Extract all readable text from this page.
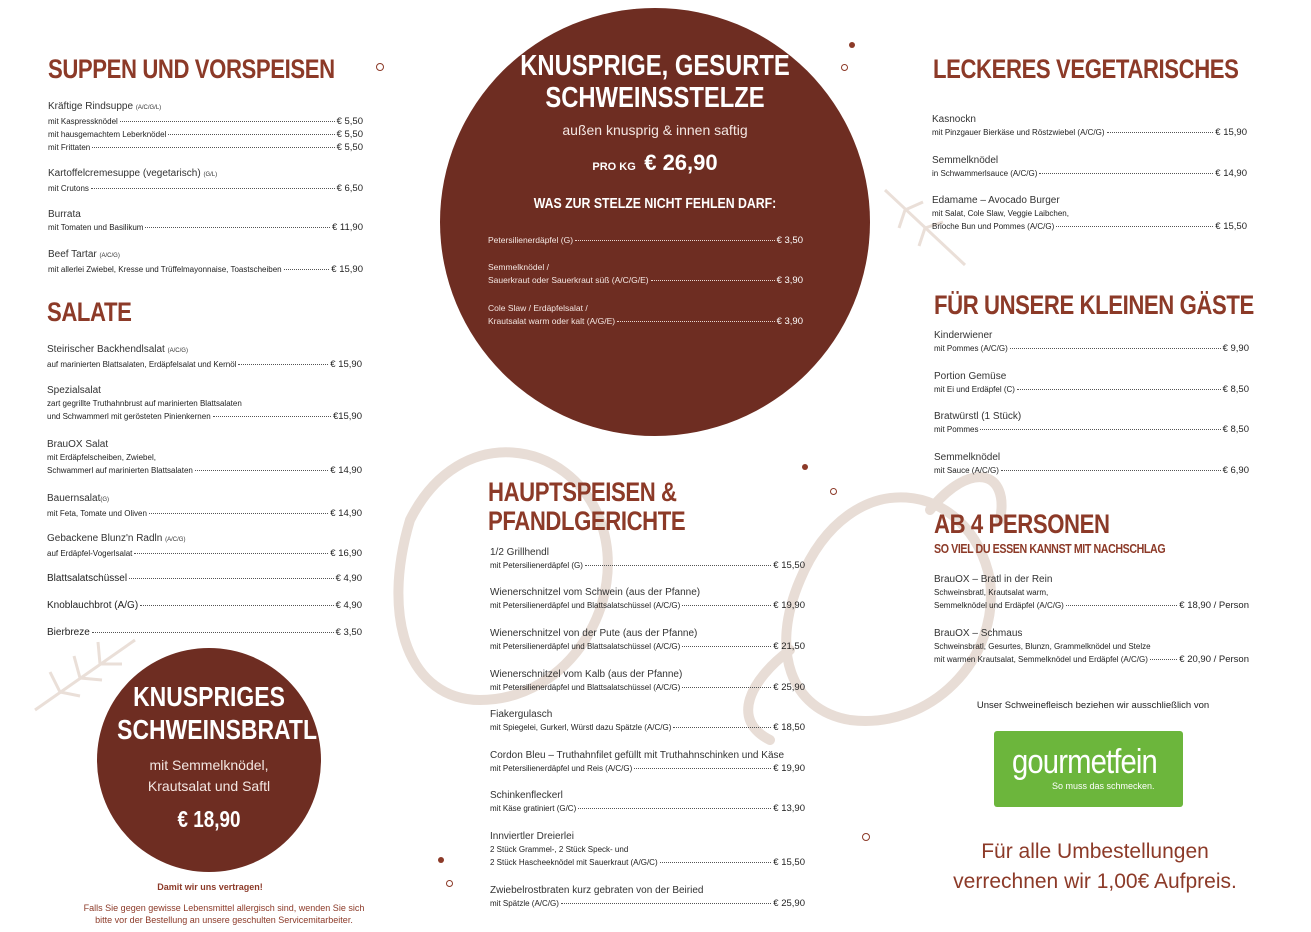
SUPPEN UND VORSPEISEN
Kräftige Rindsuppe (A/C/G/L)
mit Kaspressknödel	€ 5,50
mit hausgemachtem Leberknödel	€ 5,50
mit Frittaten	€ 5,50
Kartoffelcremesuppe (vegetarisch) (G/L)
mit Crutons	€ 6,50
Burrata
mit Tomaten und Basilikum	€ 11,90
Beef Tartar (A/C/G)
mit allerlei Zwiebel, Kresse und Trüffelmayonnaise, Toastscheiben	€ 15,90
SALATE
Steirischer Backhendlsalat (A/C/G)
auf marinierten Blattsalaten, Erdäpfelsalat und Kernöl	€ 15,90
Spezialsalat
zart gegrillte Truthahnbrust auf marinierten Blattsalaten
und Schwammerl mit gerösteten Pinienkernen	€15,90
BrauOX Salat
mit Erdäpfelscheiben, Zwiebel,
Schwammerl auf marinierten Blattsalaten	€ 14,90
Bauernsalat(G)
mit Feta, Tomate und Oliven	€ 14,90
Gebackene Blunz'n Radln (A/C/G)
auf Erdäpfel-Vogerlsalat	€ 16,90
Blattsalatschüssel	€ 4,90
Knoblauchbrot (A/G)	€ 4,90
Bierbreze	€ 3,50
KNUSPRIGES
SCHWEINSBRATL
mit Semmelknödel,
Krautsalat und Saftl
€ 18,90
Damit wir uns vertragen!
Falls Sie gegen gewisse Lebensmittel allergisch sind, wenden Sie sich
bitte vor der Bestellung an unsere geschulten Servicemitarbeiter.
KNUSPRIGE, GESURTE
SCHWEINSSTELZE
außen knusprig & innen saftig
PRO KG € 26,90
WAS ZUR STELZE NICHT FEHLEN DARF:
Petersilienerdäpfel (G)	€ 3,50
Semmelknödel /
Sauerkraut oder Sauerkraut süß (A/C/G/E)	€ 3,90
Cole Slaw / Erdäpfelsalat /
Krautsalat warm oder kalt (A/G/E)	€ 3,90
HAUPTSPEISEN &
PFANDLGERICHTE
1/2 Grillhendl
mit Petersilienerdäpfel (G)	€ 15,50
Wienerschnitzel vom Schwein (aus der Pfanne)
mit Petersilienerdäpfel und Blattsalatschüssel (A/C/G)	€ 19,90
Wienerschnitzel von der Pute (aus der Pfanne)
mit Petersilienerdäpfel und Blattsalatschüssel (A/C/G)	€ 21,50
Wienerschnitzel vom Kalb (aus der Pfanne)
mit Petersilienerdäpfel und Blattsalatschüssel (A/C/G)	€ 25,90
Fiakergulasch
mit Spiegelei, Gurkerl, Würstl dazu Spätzle (A/C/G)	€ 18,50
Cordon Bleu – Truthahnfilet gefüllt mit Truthahnschinken und Käse
mit Petersilienerdäpfel und Reis (A/C/G)	€ 19,90
Schinkenfleckerl
mit Käse gratiniert (G/C)	€ 13,90
Innviertler Dreierlei
2 Stück Grammel-, 2 Stück Speck- und
2 Stück Hascheeknödel mit Sauerkraut (A/G/C)	€ 15,50
Zwiebelrostbraten kurz gebraten von der Beiried
mit Spätzle (A/C/G)	€ 25,90
LECKERES VEGETARISCHES
Kasnockn
mit Pinzgauer Bierkäse und Röstzwiebel (A/C/G)	€ 15,90
Semmelknödel
in Schwammerlsauce (A/C/G)	€ 14,90
Edamame – Avocado Burger
mit Salat, Cole Slaw, Veggie Laibchen,
Brioche Bun und Pommes (A/C/G)	€ 15,50
FÜR UNSERE KLEINEN GÄSTE
Kinderwiener
mit Pommes (A/C/G)	€ 9,90
Portion Gemüse
mit Ei und Erdäpfel (C)	€ 8,50
Bratwürstl (1 Stück)
mit Pommes	€ 8,50
Semmelknödel
mit Sauce (A/C/G)	€ 6,90
AB 4 PERSONEN
SO VIEL DU ESSEN KANNST MIT NACHSCHLAG
BrauOX – Bratl in der Rein
Schweinsbratl, Krautsalat warm,
Semmelknödel und Erdäpfel (A/C/G)	€ 18,90 / Person
BrauOX – Schmaus
Schweinsbratl, Gesurtes, Blunzn, Grammelknödel und Stelze
mit warmen Krautsalat, Semmelknödel und Erdäpfel (A/C/G)	€ 20,90 / Person
Unser Schweinefleisch beziehen wir ausschließlich von
gourmetfein
So muss das schmecken.
Für alle Umbestellungen
verrechnen wir 1,00€ Aufpreis.
